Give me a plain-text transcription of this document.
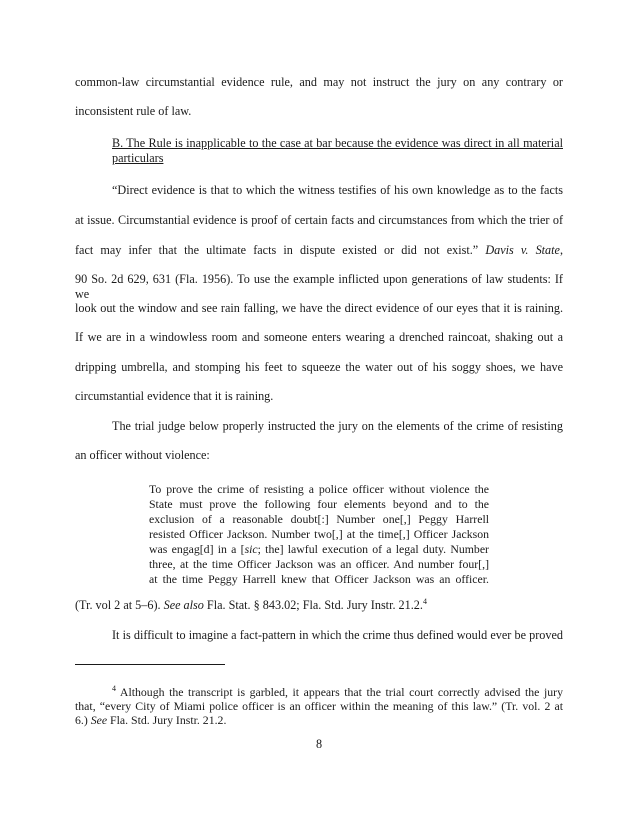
common-law circumstantial evidence rule, and may not instruct the jury on any contrary or
inconsistent rule of law.
B. The Rule is inapplicable to the case at bar because the evidence was direct in all material
particulars
“Direct evidence is that to which the witness testifies of his own knowledge as to the facts
at issue. Circumstantial evidence is proof of certain facts and circumstances from which the trier of
fact may infer that the ultimate facts in dispute existed or did not exist.” Davis v. State,
90 So. 2d 629, 631 (Fla. 1956). To use the example inflicted upon generations of law students: If we
look out the window and see rain falling, we have the direct evidence of our eyes that it is raining.
If we are in a windowless room and someone enters wearing a drenched raincoat, shaking out a
dripping umbrella, and stomping his feet to squeeze the water out of his soggy shoes, we have
circumstantial evidence that it is raining.
The trial judge below properly instructed the jury on the elements of the crime of resisting
an officer without violence:
To prove the crime of resisting a police officer without violence the
State must prove the following four elements beyond and to the
exclusion of a reasonable doubt[:] Number one[,] Peggy Harrell
resisted Officer Jackson. Number two[,] at the time[,] Officer Jackson
was engag[d] in a [sic; the] lawful execution of a legal duty. Number
three, at the time Officer Jackson was an officer. And number four[,]
at the time Peggy Harrell knew that Officer Jackson was an officer.
(Tr. vol 2 at 5–6). See also Fla. Stat. § 843.02; Fla. Std. Jury Instr. 21.2.$^4$
It is difficult to imagine a fact-pattern in which the crime thus defined would ever be proved
$^4$ Although the transcript is garbled, it appears that the trial court correctly advised the jury
that, “every City of Miami police officer is an officer within the meaning of this law.” (Tr. vol. 2 at
6.) See Fla. Std. Jury Instr. 21.2.
8
